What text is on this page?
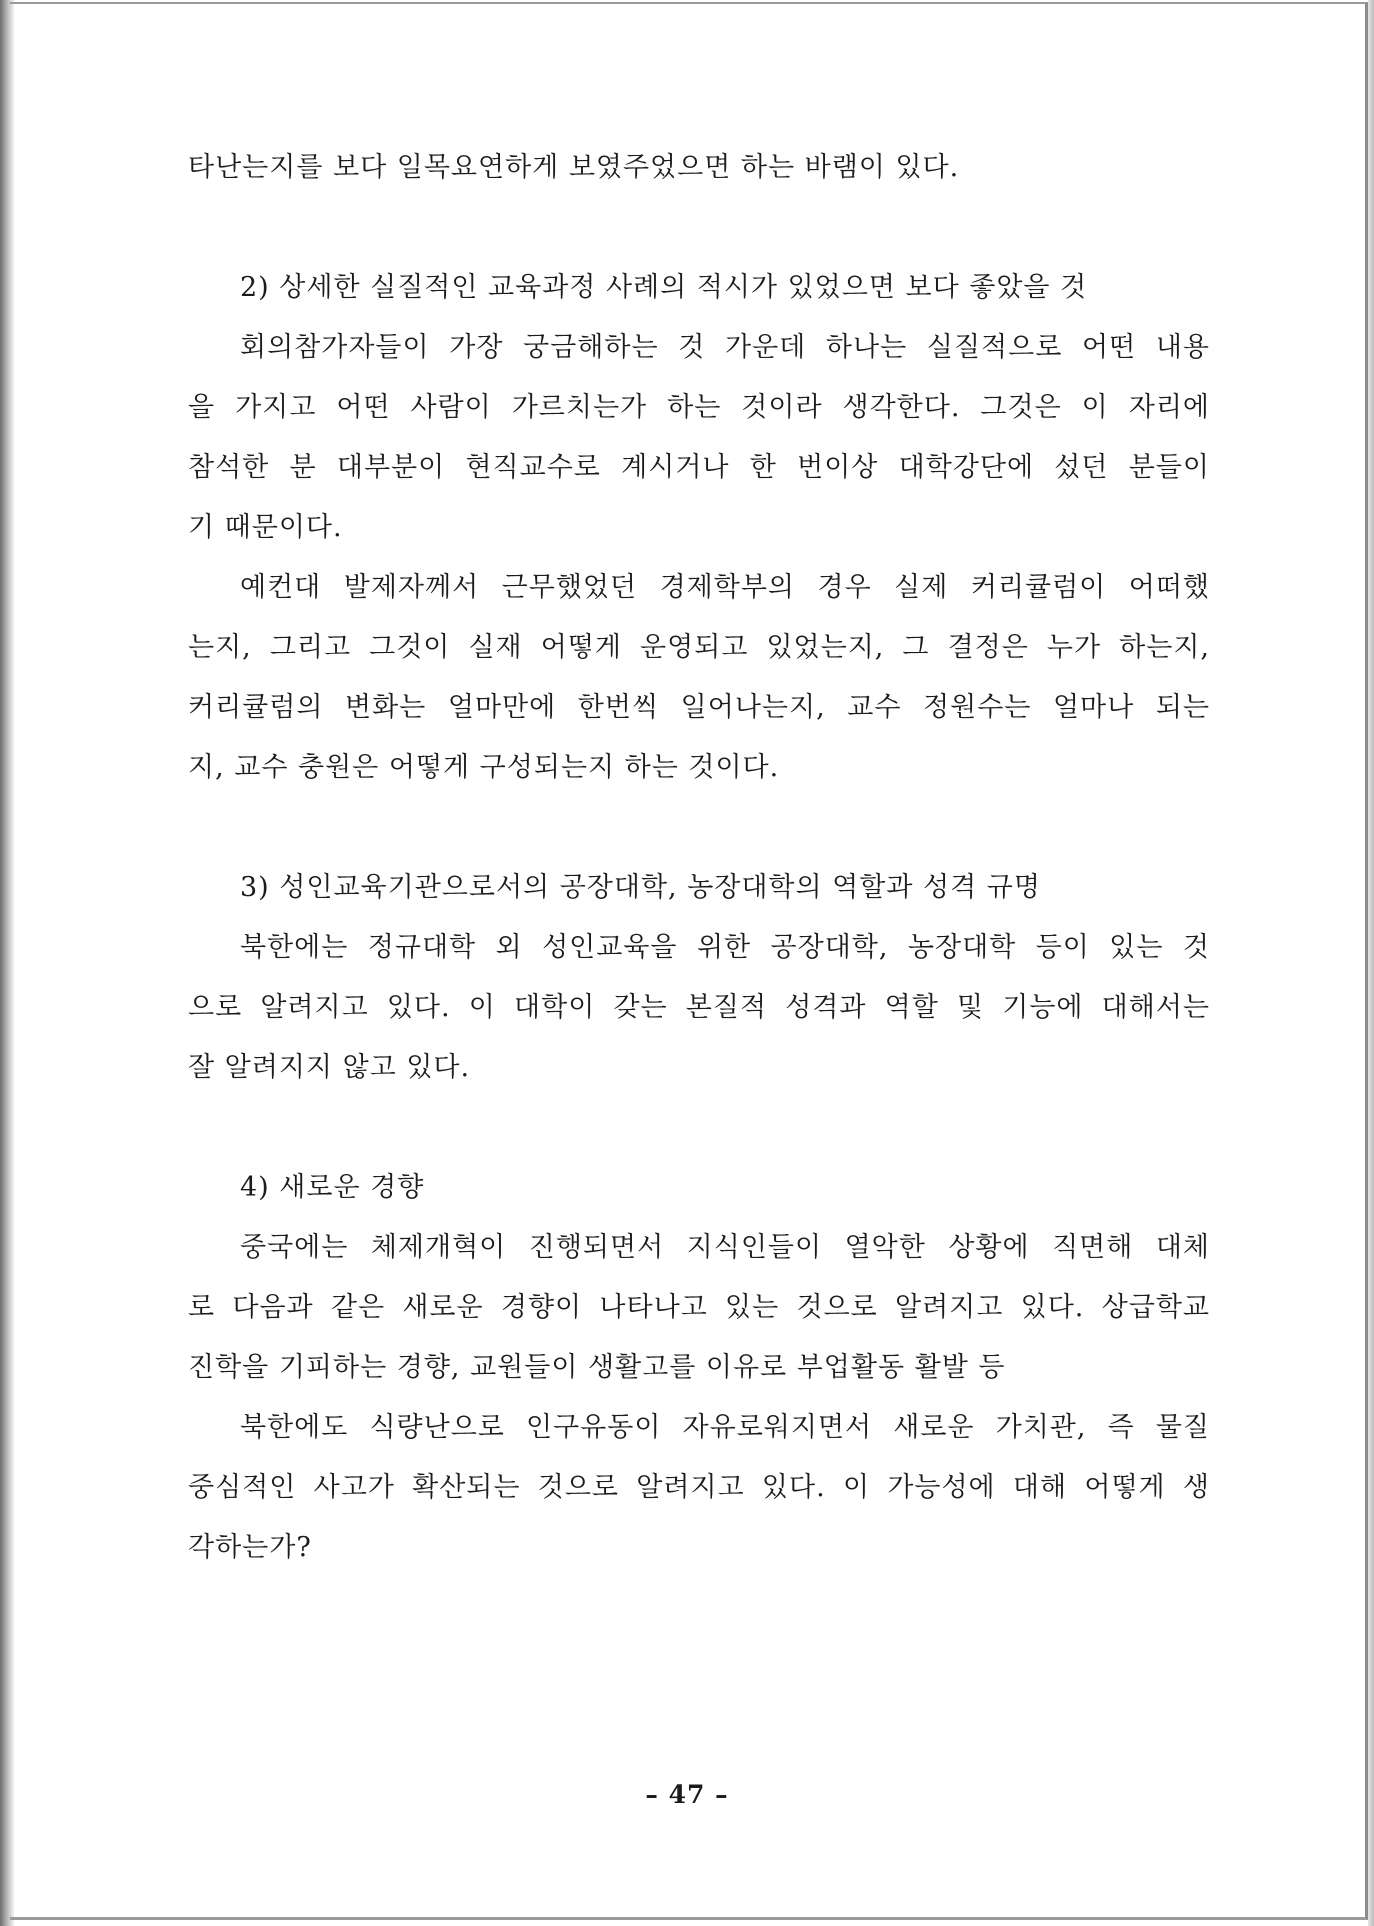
타난는지를 보다 일목요연하게 보였주었으면 하는 바램이 있다.
2) 상세한 실질적인 교육과정 사례의 적시가 있었으면 보다 좋았을 것
회의참가자들이 가장 궁금해하는 것 가운데 하나는 실질적으로 어떤 내용
을 가지고 어떤 사람이 가르치는가 하는 것이라 생각한다. 그것은 이 자리에
참석한 분 대부분이 현직교수로 계시거나 한 번이상 대학강단에 섰던 분들이
기 때문이다.
예컨대 발제자께서 근무했었던 경제학부의 경우 실제 커리큘럼이 어떠했
는지, 그리고 그것이 실재 어떻게 운영되고 있었는지, 그 결정은 누가 하는지,
커리큘럼의 변화는 얼마만에 한번씩 일어나는지, 교수 정원수는 얼마나 되는
지, 교수 충원은 어떻게 구성되는지 하는 것이다.
3) 성인교육기관으로서의 공장대학, 농장대학의 역할과 성격 규명
북한에는 정규대학 외 성인교육을 위한 공장대학, 농장대학 등이 있는 것
으로 알려지고 있다. 이 대학이 갖는 본질적 성격과 역할 및 기능에 대해서는
잘 알려지지 않고 있다.
4) 새로운 경향
중국에는 체제개혁이 진행되면서 지식인들이 열악한 상황에 직면해 대체
로 다음과 같은 새로운 경향이 나타나고 있는 것으로 알려지고 있다. 상급학교
진학을 기피하는 경향, 교원들이 생활고를 이유로 부업활동 활발 등
북한에도 식량난으로 인구유동이 자유로워지면서 새로운 가치관, 즉 물질
중심적인 사고가 확산되는 것으로 알려지고 있다. 이 가능성에 대해 어떻게 생
각하는가?
– 47 –
